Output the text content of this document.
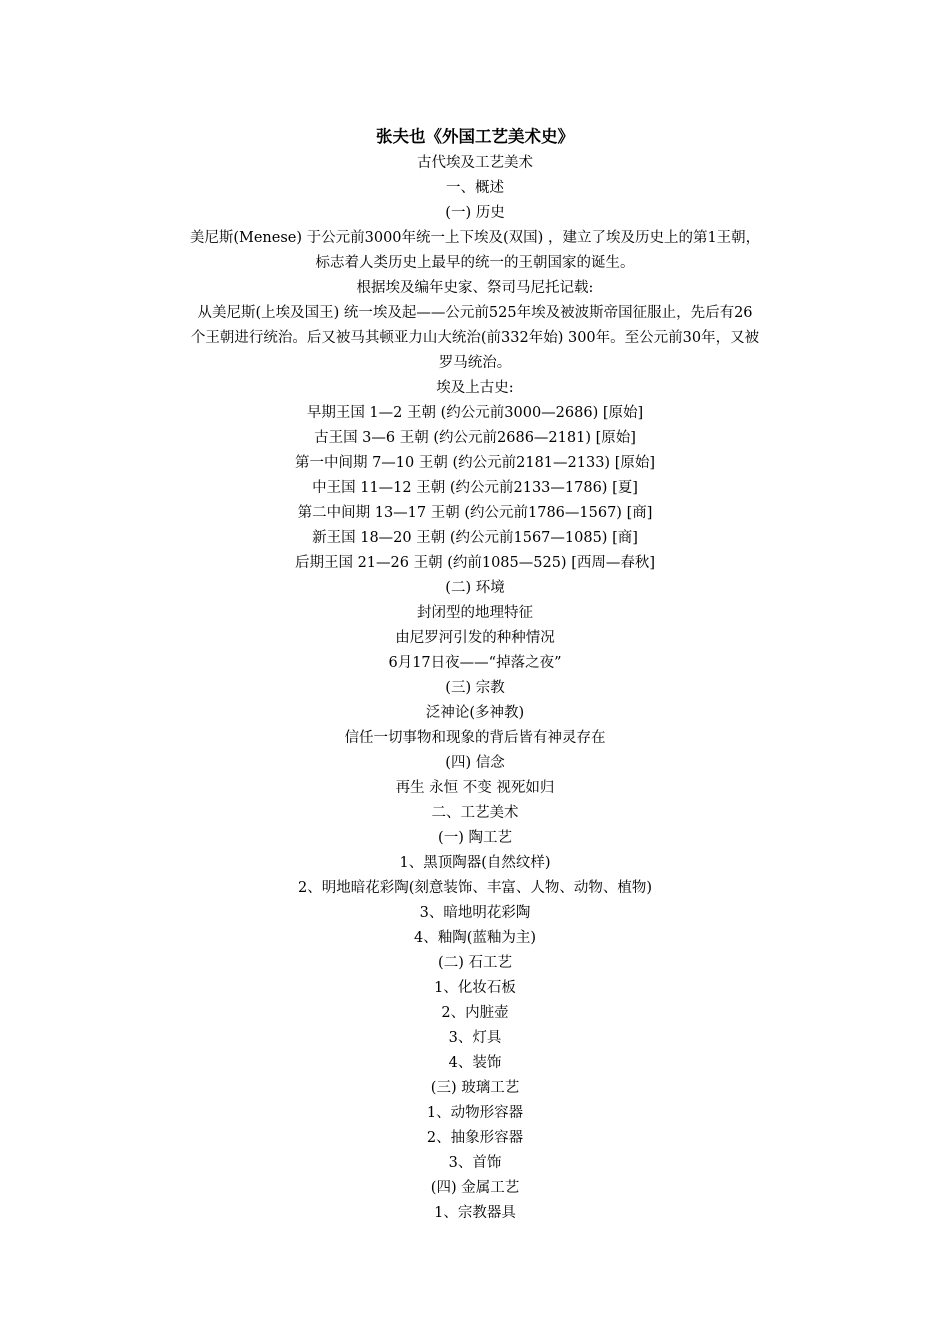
张夫也《外国工艺美术史》

古代埃及工艺美术

一、概述

(一) 历史

美尼斯(Menese) 于公元前3000年统一上下埃及(双国) ，建立了埃及历史上的第1王朝，
标志着人类历史上最早的统一的王朝国家的诞生。

根据埃及编年史家、祭司马尼托记载:

从美尼斯(上埃及国王) 统一埃及起——公元前525年埃及被波斯帝国征服止，先后有26
个王朝进行统治。后又被马其顿亚力山大统治(前332年始) 300年。至公元前30年，又被
罗马统治。

埃及上古史:

早期王国 1—2 王朝 (约公元前3000—2686) [原始]

古王国 3—6 王朝 (约公元前2686—2181) [原始]

第一中间期 7—10 王朝 (约公元前2181—2133) [原始]

中王国 11—12 王朝 (约公元前2133—1786) [夏]

第二中间期 13—17 王朝 (约公元前1786—1567) [商]

新王国 18—20 王朝 (约公元前1567—1085) [商]

后期王国 21—26 王朝 (约前1085—525) [西周—春秋]

(二) 环境

封闭型的地理特征

由尼罗河引发的种种情况

6月17日夜——“掉落之夜”

(三) 宗教

泛神论(多神教)

信任一切事物和现象的背后皆有神灵存在

(四) 信念

再生 永恒 不变 视死如归

二、工艺美术

(一) 陶工艺

1、黑顶陶器(自然纹样)

2、明地暗花彩陶(刻意装饰、丰富、人物、动物、植物)

3、暗地明花彩陶

4、釉陶(蓝釉为主)

(二) 石工艺

1、化妆石板

2、内脏壶

3、灯具

4、装饰

(三) 玻璃工艺

1、动物形容器

2、抽象形容器

3、首饰

(四) 金属工艺

1、宗教器具
